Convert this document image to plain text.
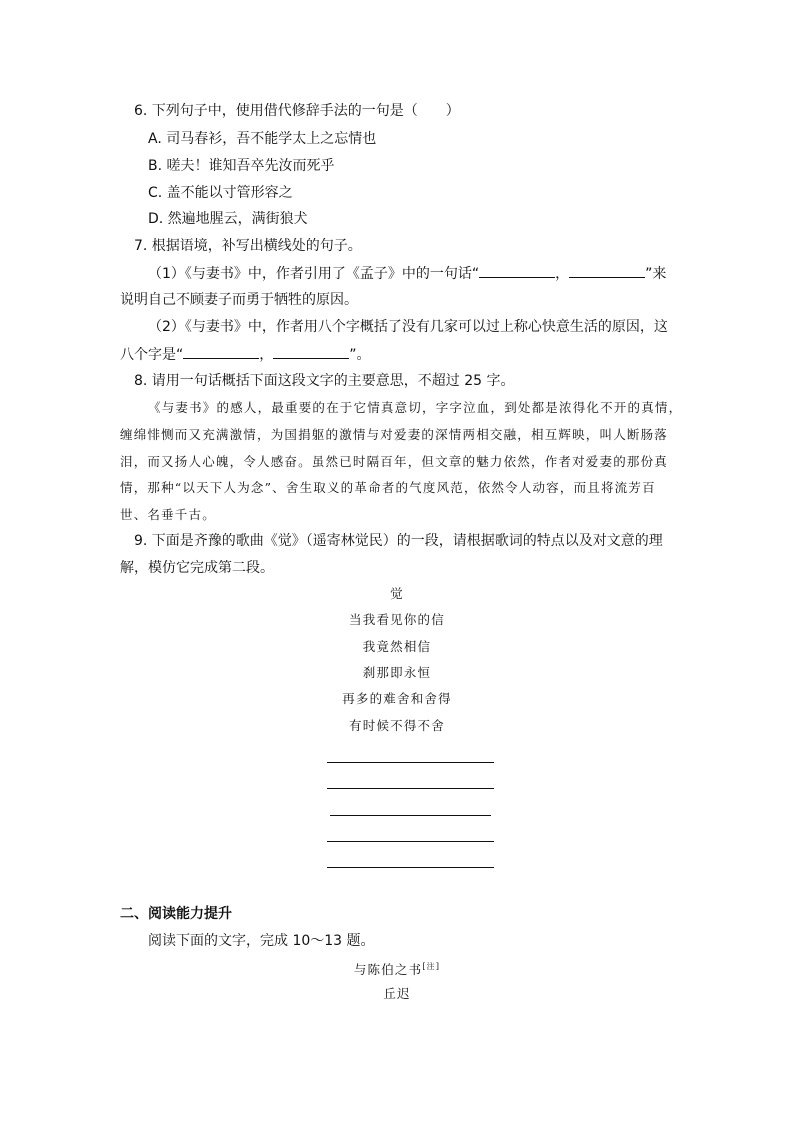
6. 下列句子中，使用借代修辞手法的一句是（　　）
A. 司马春衫，吾不能学太上之忘情也
B. 嗟夫！谁知吾卒先汝而死乎
C. 盖不能以寸管形容之
D. 然遍地腥云，满街狼犬
7. 根据语境，补写出横线处的句子。
（1）《与妻书》中，作者引用了《孟子》中的一句话“	，	”来
说明自己不顾妻子而勇于牺牲的原因。
（2）《与妻书》中，作者用八个字概括了没有几家可以过上称心快意生活的原因，这
八个字是“	，	”。
8. 请用一句话概括下面这段文字的主要意思，不超过 25 字。
《与妻书》的感人，最重要的在于它情真意切，字字泣血，到处都是浓得化不开的真情，
缠绵悱恻而又充满激情，为国捐躯的激情与对爱妻的深情两相交融，相互辉映，叫人断肠落
泪，而又扬人心魄，令人感奋。虽然已时隔百年，但文章的魅力依然，作者对爱妻的那份真
情，那种“以天下人为念”、舍生取义的革命者的气度风范，依然令人动容，而且将流芳百
世、名垂千古。
9. 下面是齐豫的歌曲《觉》（遥寄林觉民）的一段，请根据歌词的特点以及对文意的理
解，模仿它完成第二段。
觉
当我看见你的信
我竟然相信
刹那即永恒
再多的难舍和舍得
有时候不得不舍
二、阅读能力提升
阅读下面的文字，完成 10～13 题。
与陈伯之书[注]
丘迟
